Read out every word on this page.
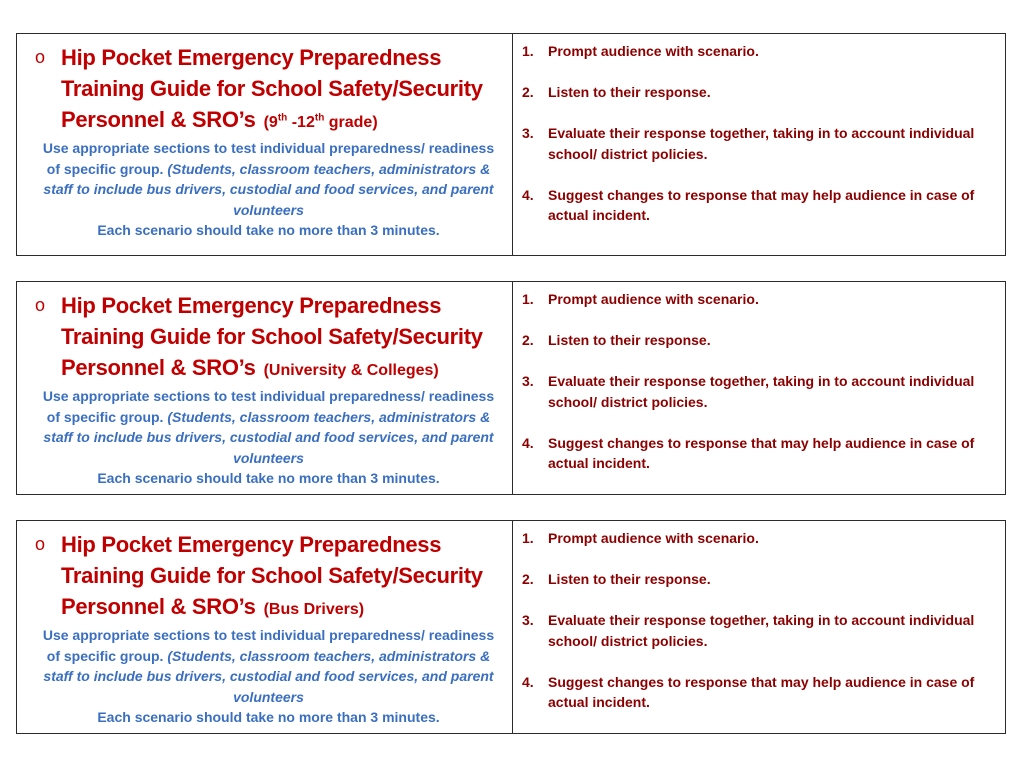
o Hip Pocket Emergency Preparedness Training Guide for School Safety/Security Personnel & SRO’s (9th -12th grade)
Use appropriate sections to test individual preparedness/ readiness of specific group. (Students, classroom teachers, administrators & staff to include bus drivers, custodial and food services, and parent volunteers
Each scenario should take no more than 3 minutes.
1.	Prompt audience with scenario.
2.	Listen to their response.
3.	Evaluate their response together, taking in to account individual school/ district policies.
4.	Suggest changes to response that may help audience in case of actual incident.
o Hip Pocket Emergency Preparedness Training Guide for School Safety/Security Personnel & SRO’s (University & Colleges)
Use appropriate sections to test individual preparedness/ readiness of specific group. (Students, classroom teachers, administrators & staff to include bus drivers, custodial and food services, and parent volunteers
Each scenario should take no more than 3 minutes.
1.	Prompt audience with scenario.
2.	Listen to their response.
3.	Evaluate their response together, taking in to account individual school/ district policies.
4.	Suggest changes to response that may help audience in case of actual incident.
o Hip Pocket Emergency Preparedness Training Guide for School Safety/Security Personnel & SRO’s (Bus Drivers)
Use appropriate sections to test individual preparedness/ readiness of specific group. (Students, classroom teachers, administrators & staff to include bus drivers, custodial and food services, and parent volunteers
Each scenario should take no more than 3 minutes.
1.	Prompt audience with scenario.
2.	Listen to their response.
3.	Evaluate their response together, taking in to account individual school/ district policies.
4.	Suggest changes to response that may help audience in case of actual incident.
